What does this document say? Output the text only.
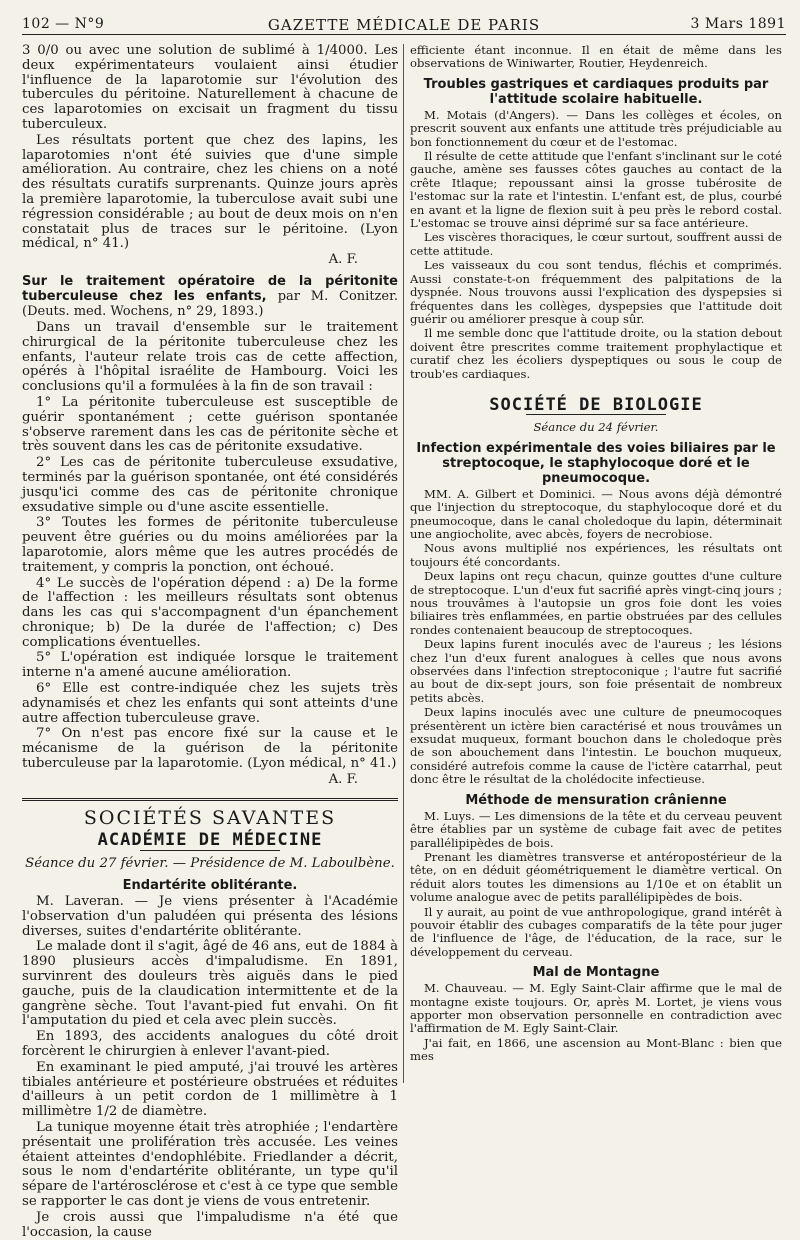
102 — N°9	GAZETTE MÉDICALE DE PARIS	3 Mars 1891

3 0/0 ou avec une solution de sublimé à 1/4000. Les deux expérimentateurs voulaient ainsi étudier l'influence de la laparotomie sur l'évolution des tubercules du péritoine. Naturellement à chacune de ces laparotomies on excisait un fragment du tissu tuberculeux.

Les résultats portent que chez des lapins, les laparotomies n'ont été suivies que d'une simple amélioration. Au contraire, chez les chiens on a noté des résultats curatifs surprenants. Quinze jours après la première laparotomie, la tuberculose avait subi une régression considérable ; au bout de deux mois on n'en constatait plus de traces sur le péritoine. (Lyon médical, n° 41.)

A. F.
Sur le traitement opératoire de la péritonite tuberculeuse chez les enfants, par M. Conitzer. (Deuts. med. Wochens, n° 29, 1893.)

Dans un travail d'ensemble sur le traitement chirurgical de la péritonite tuberculeuse chez les enfants, l'auteur relate trois cas de cette affection, opérés à l'hôpital israélite de Hambourg. Voici les conclusions qu'il a formulées à la fin de son travail :

1° La péritonite tuberculeuse est susceptible de guérir spontanément ; cette guérison spontanée s'observe rarement dans les cas de péritonite sèche et très souvent dans les cas de péritonite exsudative.

2° Les cas de péritonite tuberculeuse exsudative, terminés par la guérison spontanée, ont été considérés jusqu'ici comme des cas de péritonite chronique exsudative simple ou d'une ascite essentielle.

3° Toutes les formes de péritonite tuberculeuse peuvent être guéries ou du moins améliorées par la laparotomie, alors même que les autres procédés de traitement, y compris la ponction, ont échoué.

4° Le succès de l'opération dépend : a) De la forme de l'affection : les meilleurs résultats sont obtenus dans les cas qui s'accompagnent d'un épanchement chronique; b) De la durée de l'affection; c) Des complications éventuelles.

5° L'opération est indiquée lorsque le traitement interne n'a amené aucune amélioration.

6° Elle est contre-indiquée chez les sujets très adynamisés et chez les enfants qui sont atteints d'une autre affection tuberculeuse grave.

7° On n'est pas encore fixé sur la cause et le mécanisme de la guérison de la péritonite tuberculeuse par la laparotomie. (Lyon médical, n° 41.)

A. F.
SOCIÉTÉS SAVANTES
ACADÉMIE DE MÉDECINE
Séance du 27 février. — Présidence de M. Laboulbène.
Endartérite oblitérante.

M. Laveran. — Je viens présenter à l'Académie l'observation d'un paludéen qui présenta des lésions diverses, suites d'endartérite oblitérante.

Le malade dont il s'agit, âgé de 46 ans, eut de 1884 à 1890 plusieurs accès d'impaludisme. En 1891, survinrent des douleurs très aiguës dans le pied gauche, puis de la claudication intermittente et de la gangrène sèche. Tout l'avant-pied fut envahi. On fit l'amputation du pied et cela avec plein succès.

En 1893, des accidents analogues du côté droit forcèrent le chirurgien à enlever l'avant-pied.

En examinant le pied amputé, j'ai trouvé les artères tibiales antérieure et postérieure obstruées et réduites d'ailleurs à un petit cordon de 1 millimètre à 1 millimètre 1/2 de diamètre.

La tunique moyenne était très atrophiée ; l'endartère présentait une prolifération très accusée. Les veines étaient atteintes d'endophlébite. Friedlander a décrit, sous le nom d'endartérite oblitérante, un type qu'il sépare de l'artérosclérose et c'est à ce type que semble se rapporter le cas dont je viens de vous entretenir.

Je crois aussi que l'impaludisme n'a été que l'occasion, la cause

efficiente étant inconnue. Il en était de même dans les observations de Winiwarter, Routier, Heydenreich.

Troubles gastriques et cardiaques produits par l'attitude scolaire habituelle.

M. Motais (d'Angers). — Dans les collèges et écoles, on prescrit souvent aux enfants une attitude très préjudiciable au bon fonctionnement du cœur et de l'estomac.

Il résulte de cette attitude que l'enfant s'inclinant sur le coté gauche, amène ses fausses côtes gauches au contact de la crête Itlaque; repoussant ainsi la grosse tubérosite de l'estomac sur la rate et l'intestin. L'enfant est, de plus, courbé en avant et la ligne de flexion suit à peu près le rebord costal. L'estomac se trouve ainsi déprimé sur sa face antérieure.

Les viscères thoraciques, le cœur surtout, souffrent aussi de cette attitude.

Les vaisseaux du cou sont tendus, fléchis et comprimés. Aussi constate-t-on fréquemment des palpitations de la dyspnée. Nous trouvons aussi l'explication des dyspepsies si fréquentes dans les collèges, dyspepsies que l'attitude doit guérir ou améliorer presque à coup sûr.

Il me semble donc que l'attitude droite, ou la station debout doivent être prescrites comme traitement prophylactique et curatif chez les écoliers dyspeptiques ou sous le coup de troub'es cardiaques.

SOCIÉTÉ DE BIOLOGIE
Séance du 24 février.
Infection expérimentale des voies biliaires par le streptocoque, le staphylocoque doré et le pneumocoque.

MM. A. Gilbert et Dominici. — Nous avons déjà démontré que l'injection du streptocoque, du staphylocoque doré et du pneumocoque, dans le canal choledoque du lapin, déterminait une angiocholite, avec abcès, foyers de necrobiose.

Nous avons multiplié nos expériences, les résultats ont toujours été concordants.

Deux lapins ont reçu chacun, quinze gouttes d'une culture de streptocoque. L'un d'eux fut sacrifié après vingt-cinq jours ; nous trouvâmes à l'autopsie un gros foie dont les voies biliaires très enflammées, en partie obstruées par des cellules rondes contenaient beaucoup de streptocoques.

Deux lapins furent inoculés avec de l'aureus ; les lésions chez l'un d'eux furent analogues à celles que nous avons observées dans l'infection streptoconique ; l'autre fut sacrifié au bout de dix-sept jours, son foie présentait de nombreux petits abcès.

Deux lapins inoculés avec une culture de pneumocoques présentèrent un ictère bien caractérisé et nous trouvâmes un exsudat muqueux, formant bouchon dans le choledoque près de son abouchement dans l'intestin. Le bouchon muqueux, considéré autrefois comme la cause de l'ictère catarrhal, peut donc être le résultat de la cholédocite infectieuse.

Méthode de mensuration crânienne

M. Luys. — Les dimensions de la tête et du cerveau peuvent être établies par un système de cubage fait avec de petites parallélipipèdes de bois.

Prenant les diamètres transverse et antéropostérieur de la tête, on en déduit géométriquement le diamètre vertical. On réduit alors toutes les dimensions au 1/10e et on établit un volume analogue avec de petits parallélipipèdes de bois.

Il y aurait, au point de vue anthropologique, grand intérêt à pouvoir établir des cubages comparatifs de la tête pour juger de l'influence de l'âge, de l'éducation, de la race, sur le développement du cerveau.

Mal de Montagne

M. Chauveau. — M. Egly Saint-Clair affirme que le mal de montagne existe toujours. Or, après M. Lortet, je viens vous apporter mon observation personnelle en contradiction avec l'affirmation de M. Egly Saint-Clair.

J'ai fait, en 1866, une ascension au Mont-Blanc : bien que mes
